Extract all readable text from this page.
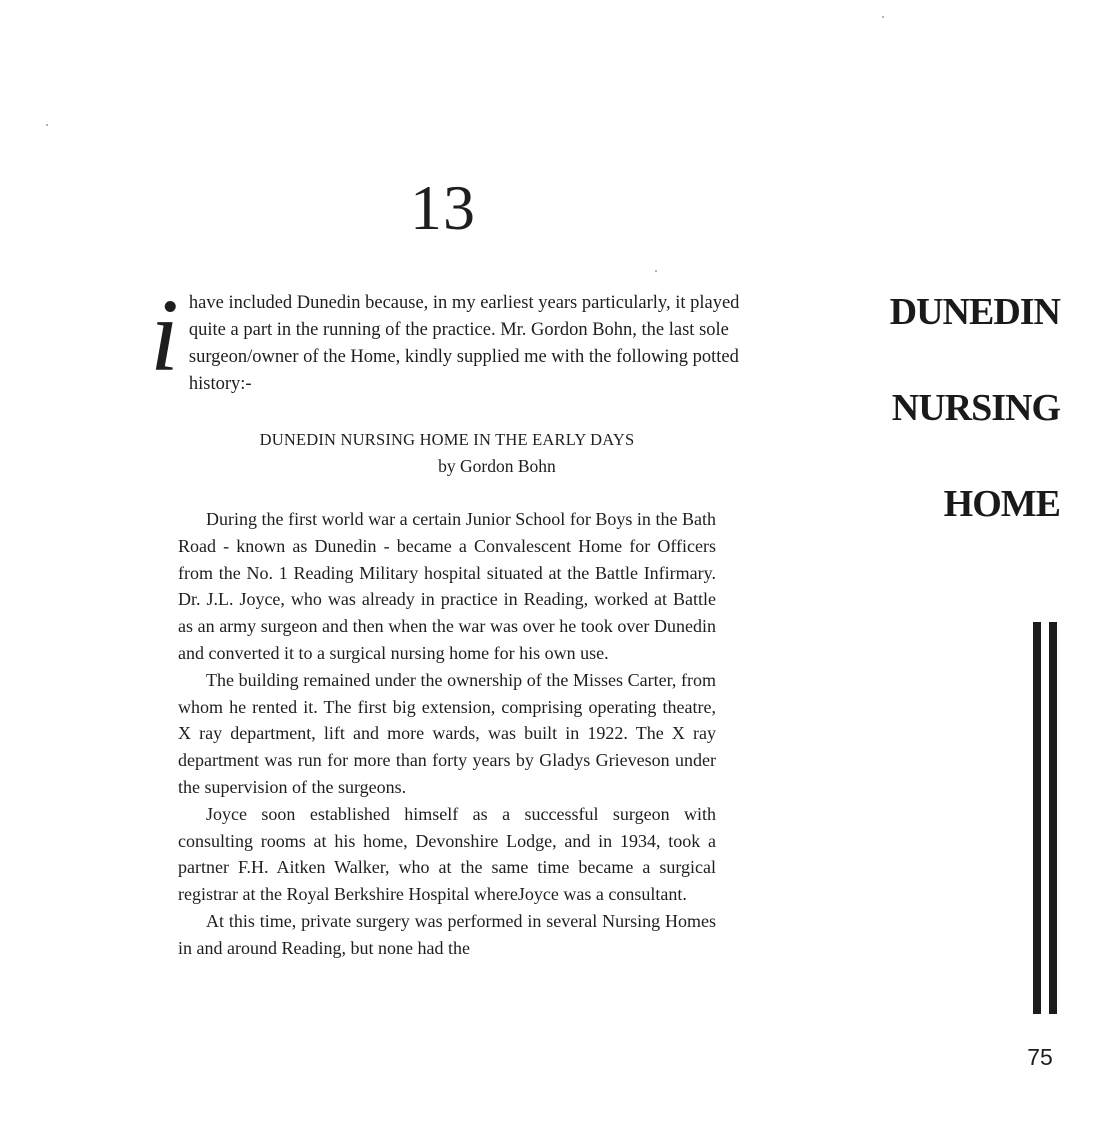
13
i have included Dunedin because, in my earliest years particularly, it played quite a part in the running of the practice. Mr. Gordon Bohn, the last sole surgeon/owner of the Home, kindly supplied me with the following potted history:-

DUNEDIN NURSING HOME IN THE EARLY DAYS
by Gordon Bohn

During the first world war a certain Junior School for Boys in the Bath Road - known as Dunedin - became a Convalescent Home for Officers from the No. 1 Reading Military hospital situated at the Battle Infirmary. Dr. J.L. Joyce, who was already in practice in Reading, worked at Battle as an army surgeon and then when the war was over he took over Dunedin and converted it to a surgical nursing home for his own use.

The building remained under the ownership of the Misses Carter, from whom he rented it. The first big extension, comprising operating theatre, X ray department, lift and more wards, was built in 1922. The X ray department was run for more than forty years by Gladys Grieveson under the supervision of the surgeons.

Joyce soon established himself as a successful surgeon with consulting rooms at his home, Devonshire Lodge, and in 1934, took a partner F.H. Aitken Walker, who at the same time became a surgical registrar at the Royal Berkshire Hospital whereJoyce was a consultant.

At this time, private surgery was performed in several Nursing Homes in and around Reading, but none had the

DUNEDIN
NURSING
HOME
75
